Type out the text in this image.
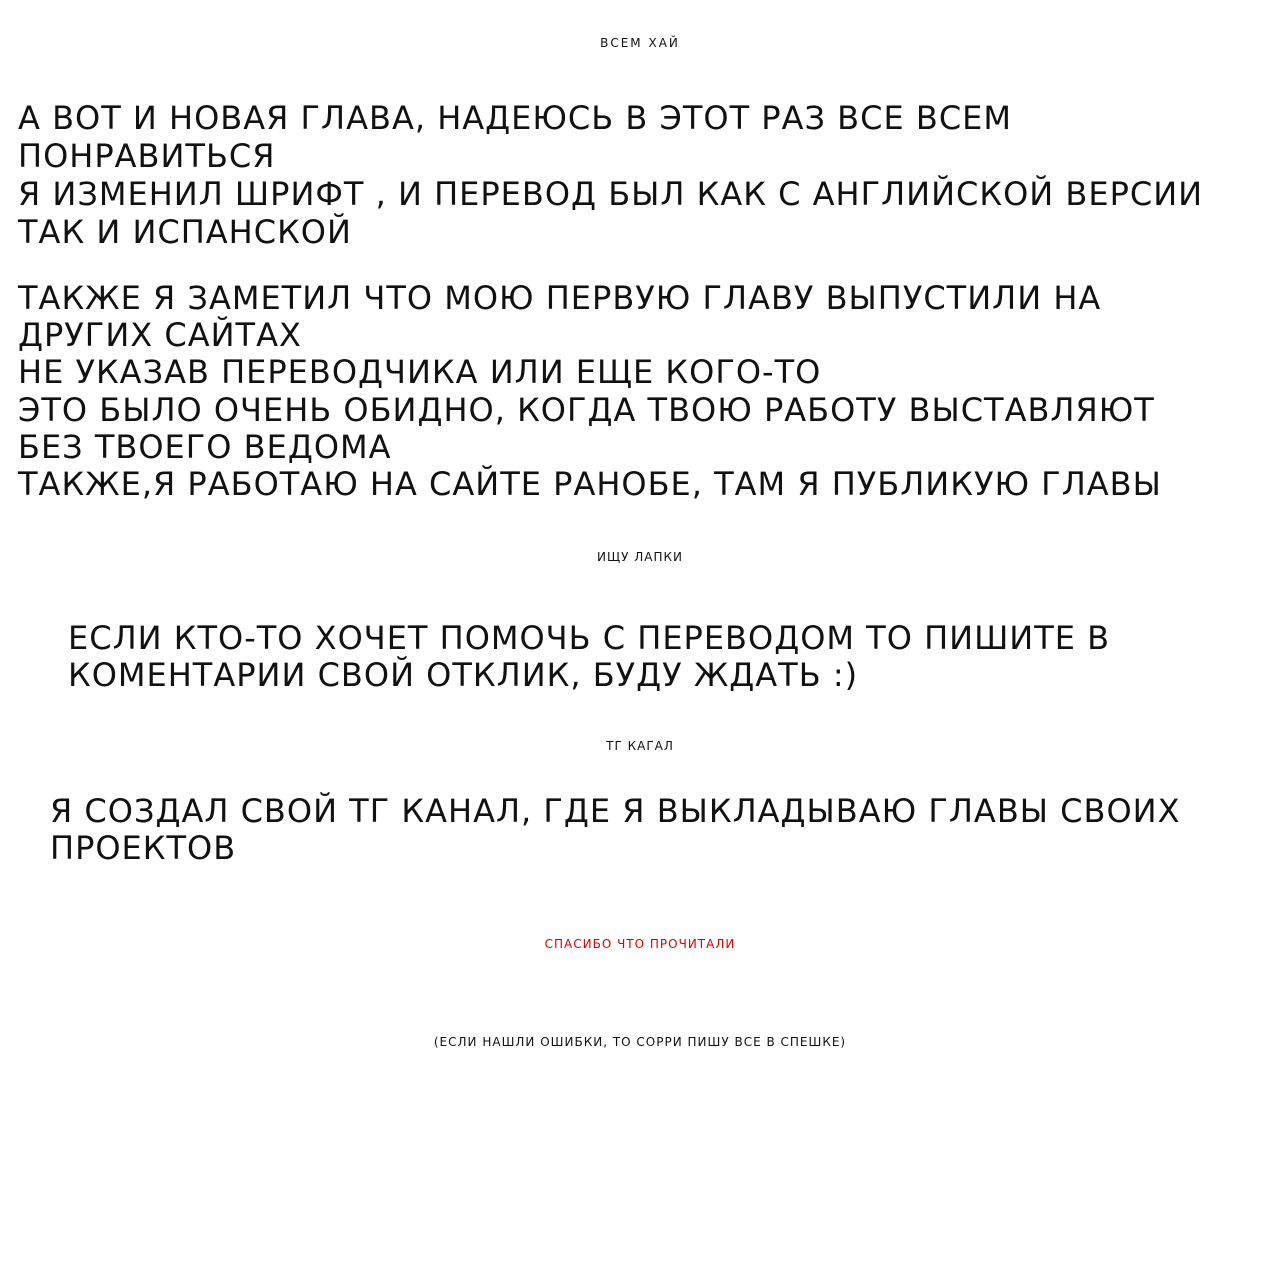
ВСЕМ ХАЙ
А ВОТ И НОВАЯ ГЛАВА, НАДЕЮСЬ В ЭТОТ РАЗ ВСЕ ВСЕМ
ПОНРАВИТЬСЯ
Я ИЗМЕНИЛ ШРИФТ , И ПЕРЕВОД БЫЛ КАК С АНГЛИЙСКОЙ ВЕРСИИ
ТАК И ИСПАНСКОЙ
ТАКЖЕ Я ЗАМЕТИЛ ЧТО МОЮ ПЕРВУЮ ГЛАВУ ВЫПУСТИЛИ НА
ДРУГИХ САЙТАХ
НЕ УКАЗАВ ПЕРЕВОДЧИКА ИЛИ ЕЩЕ КОГО-ТО
ЭТО БЫЛО ОЧЕНЬ ОБИДНО, КОГДА ТВОЮ РАБОТУ ВЫСТАВЛЯЮТ
БЕЗ ТВОЕГО ВЕДОМА
ТАКЖЕ,Я РАБОТАЮ НА САЙТЕ РАНОБЕ, ТАМ Я ПУБЛИКУЮ ГЛАВЫ
ИЩУ ЛАПКИ
ЕСЛИ КТО-ТО ХОЧЕТ ПОМОЧЬ С ПЕРЕВОДОМ ТО ПИШИТЕ В
КОМЕНТАРИИ СВОЙ ОТКЛИК, БУДУ ЖДАТЬ :)
ТГ КАГАЛ
Я СОЗДАЛ СВОЙ ТГ КАНАЛ, ГДЕ Я ВЫКЛАДЫВАЮ ГЛАВЫ СВОИХ
ПРОЕКТОВ
СПАСИБО ЧТО ПРОЧИТАЛИ
(ЕСЛИ НАШЛИ ОШИБКИ, ТО СОРРИ ПИШУ ВСЕ В СПЕШКЕ)
